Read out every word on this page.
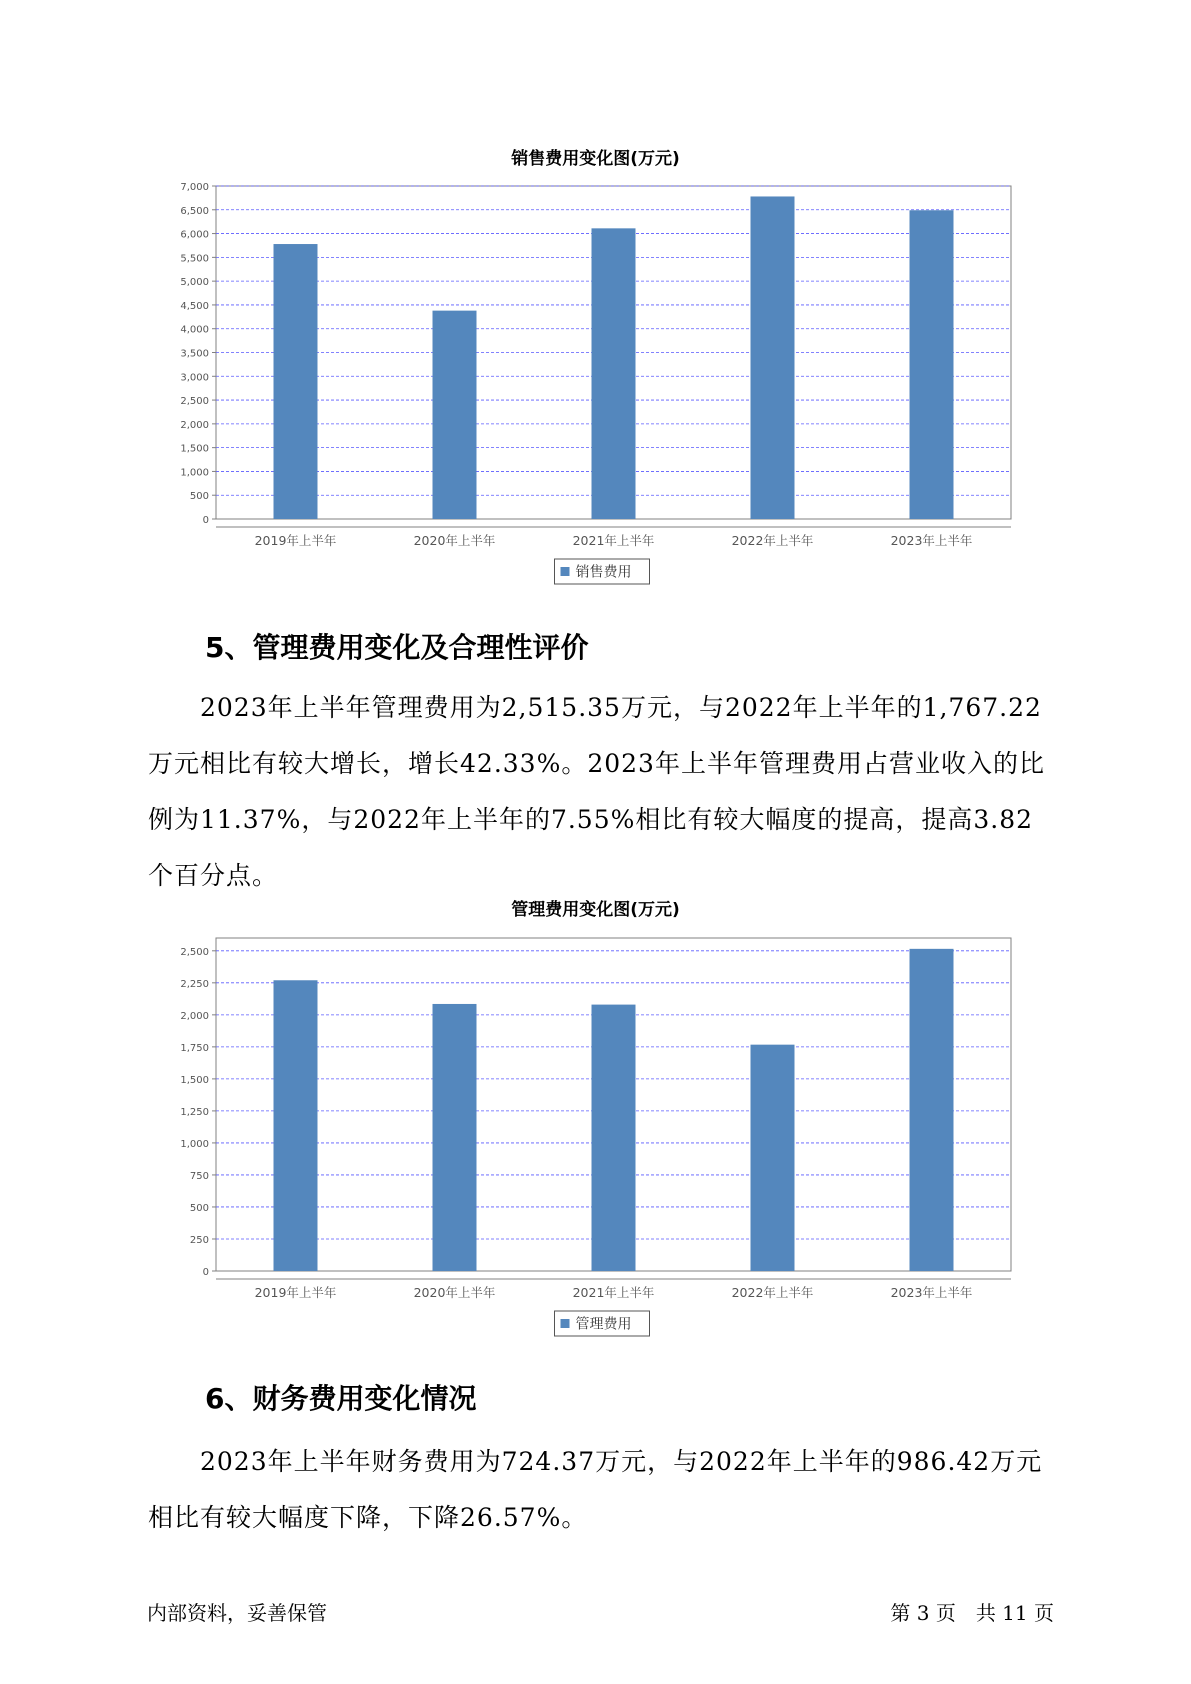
销售费用变化图(万元)
0
500
1,000
1,500
2,000
2,500
3,000
3,500
4,000
4,500
5,000
5,500
6,000
6,500
7,000
2019年上半年	2020年上半年	2021年上半年	2022年上半年	2023年上半年
销售费用
5、管理费用变化及合理性评价

2023年上半年管理费用为2,515.35万元，与2022年上半年的1,767.22万元相比有较大增长，增长42.33%。2023年上半年管理费用占营业收入的比例为11.37%，与2022年上半年的7.55%相比有较大幅度的提高，提高3.82个百分点。

管理费用变化图(万元)
0
250
500
750
1,000
1,250
1,500
1,750
2,000
2,250
2,500
2019年上半年	2020年上半年	2021年上半年	2022年上半年	2023年上半年
管理费用
6、财务费用变化情况

2023年上半年财务费用为724.37万元，与2022年上半年的986.42万元相比有较大幅度下降，下降26.57%。

内部资料，妥善保管	第 3 页　共 11 页
